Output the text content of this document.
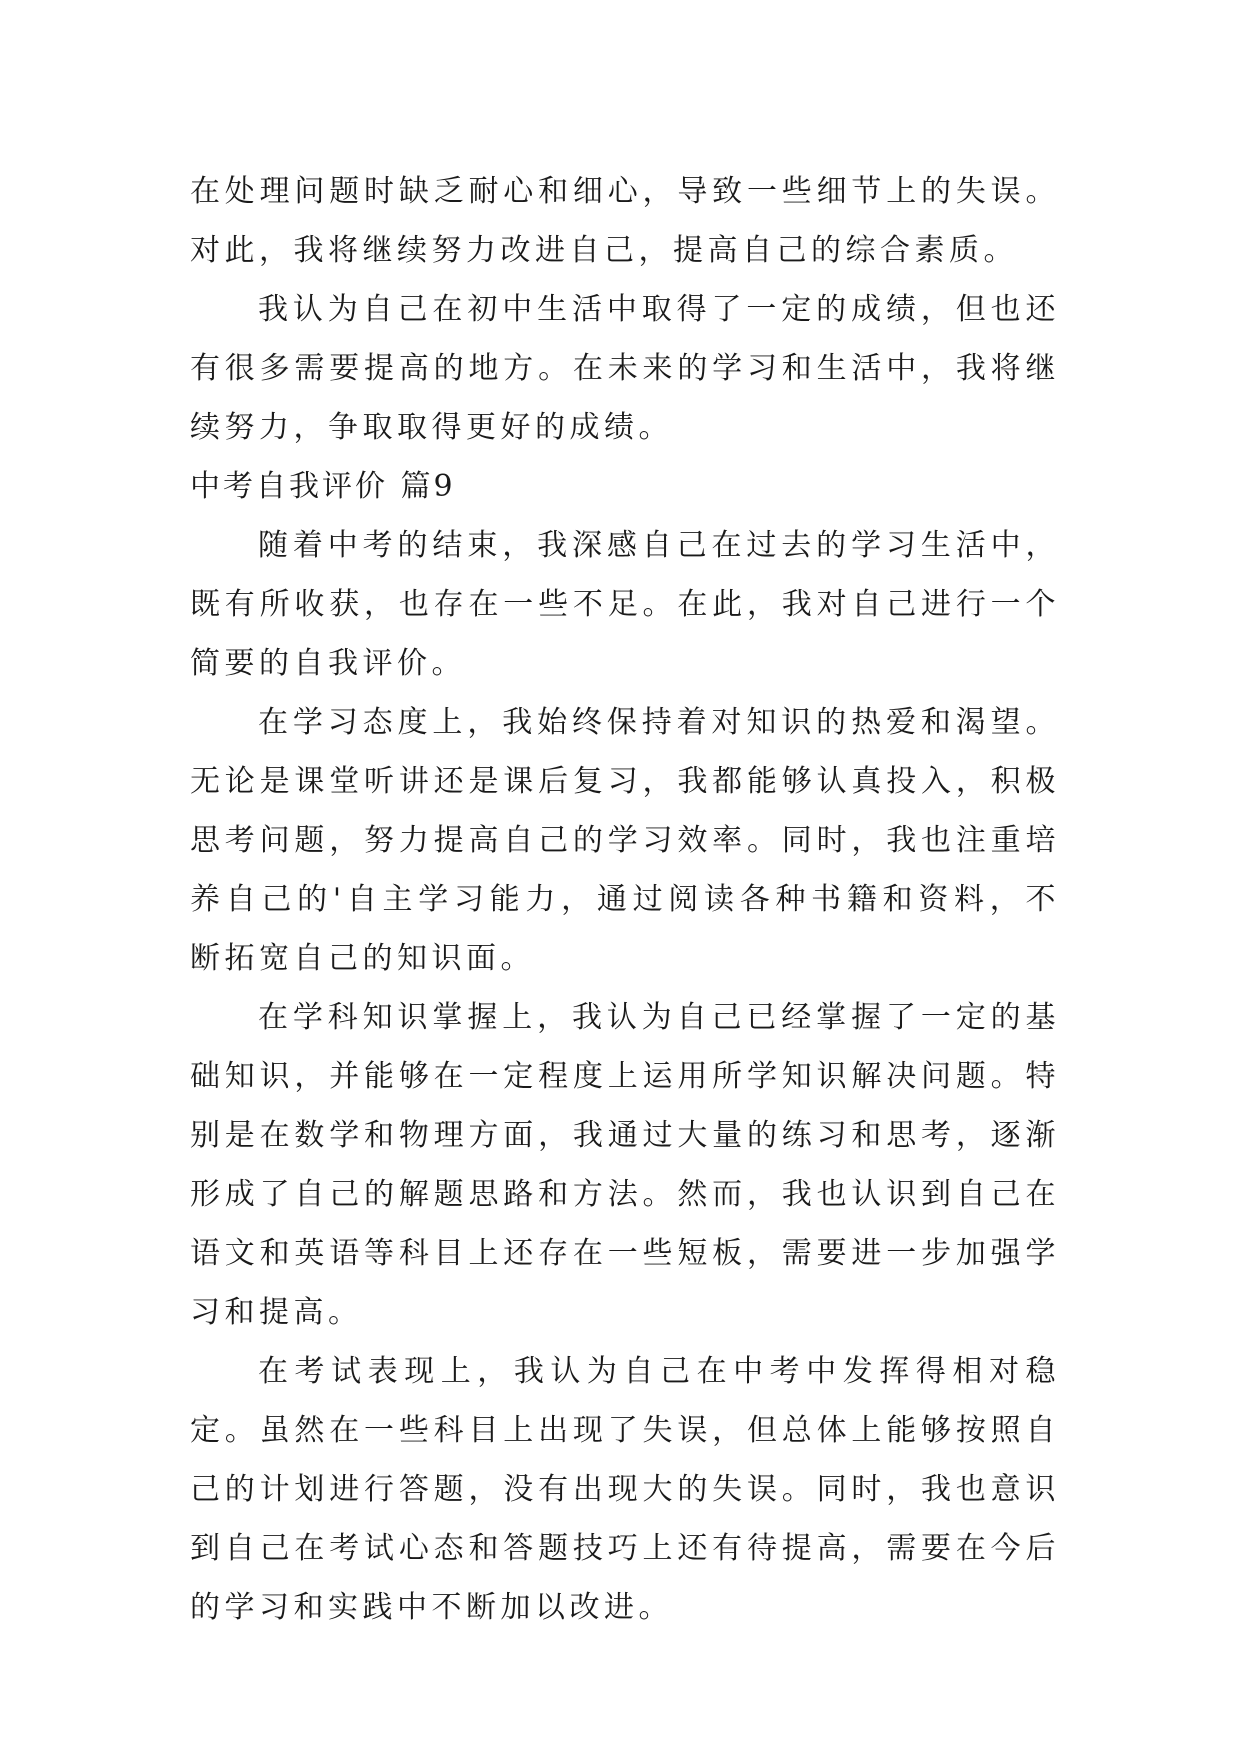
在处理问题时缺乏耐心和细心，导致一些细节上的失误。对此，我将继续努力改进自己，提高自己的综合素质。

我认为自己在初中生活中取得了一定的成绩，但也还有很多需要提高的地方。在未来的学习和生活中，我将继续努力，争取取得更好的成绩。

中考自我评价 篇9

随着中考的结束，我深感自己在过去的学习生活中，既有所收获，也存在一些不足。在此，我对自己进行一个简要的自我评价。

在学习态度上，我始终保持着对知识的热爱和渴望。无论是课堂听讲还是课后复习，我都能够认真投入，积极思考问题，努力提高自己的学习效率。同时，我也注重培养自己的'自主学习能力，通过阅读各种书籍和资料，不断拓宽自己的知识面。

在学科知识掌握上，我认为自己已经掌握了一定的基础知识，并能够在一定程度上运用所学知识解决问题。特别是在数学和物理方面，我通过大量的练习和思考，逐渐形成了自己的解题思路和方法。然而，我也认识到自己在语文和英语等科目上还存在一些短板，需要进一步加强学习和提高。

在考试表现上，我认为自己在中考中发挥得相对稳定。虽然在一些科目上出现了失误，但总体上能够按照自己的计划进行答题，没有出现大的失误。同时，我也意识到自己在考试心态和答题技巧上还有待提高，需要在今后的学习和实践中不断加以改进。
